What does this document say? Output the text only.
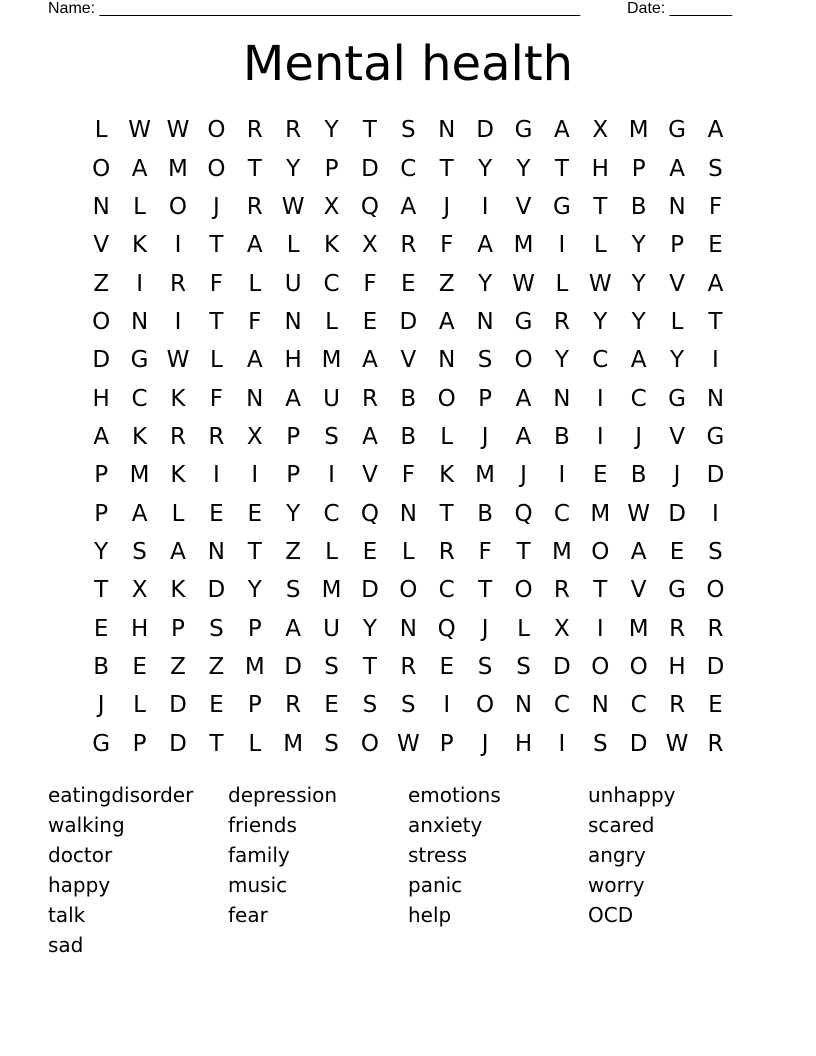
Name: ______________________________________________________	Date: _______
Mental health
L W W O R R	Y	T	S N D G A X M G A
O A M O T	Y	P D C	T	Y	Y	T H P	A	S
N	L O	J	R W X Q A	J	I	V G T	B N	F
V K	I	T	A	L	K X R	F	A M	I	L	Y	P	E
Z	I	R	F	L	U C	F	E	Z	Y W L W Y	V A
O N	I	T	F	N	L	E D A N G R	Y	Y	L	T
D G W L	A H M A V N S O Y	C A	Y	I
H C K	F	N A U R B O P	A N	I	C G N
A K R R X	P	S	A B	L	J	A B	I	J	V G
P M K	I	I	P	I	V	F	K M	J	I	E	B	J	D
P	A	L	E	E	Y	C Q N T	B Q C M W D	I
Y	S	A N T	Z	L	E	L	R	F	T M O A	E	S
T	X K D Y	S M D O C	T O R	T	V G O
E H P	S	P	A U Y N Q	J	L	X	I	M R R
B	E	Z Z M D S	T	R	E	S	S D O O H D
J	L	D E	P	R	E	S	S	I	O N C N C R	E
G P D T	L M S O W P	J	H	I	S D W R
eatingdisorder	depression	emotions	unhappy
walking	friends	anxiety	scared
doctor	family	stress	angry
happy	music	panic	worry
talk	fear	help	OCD
sad
